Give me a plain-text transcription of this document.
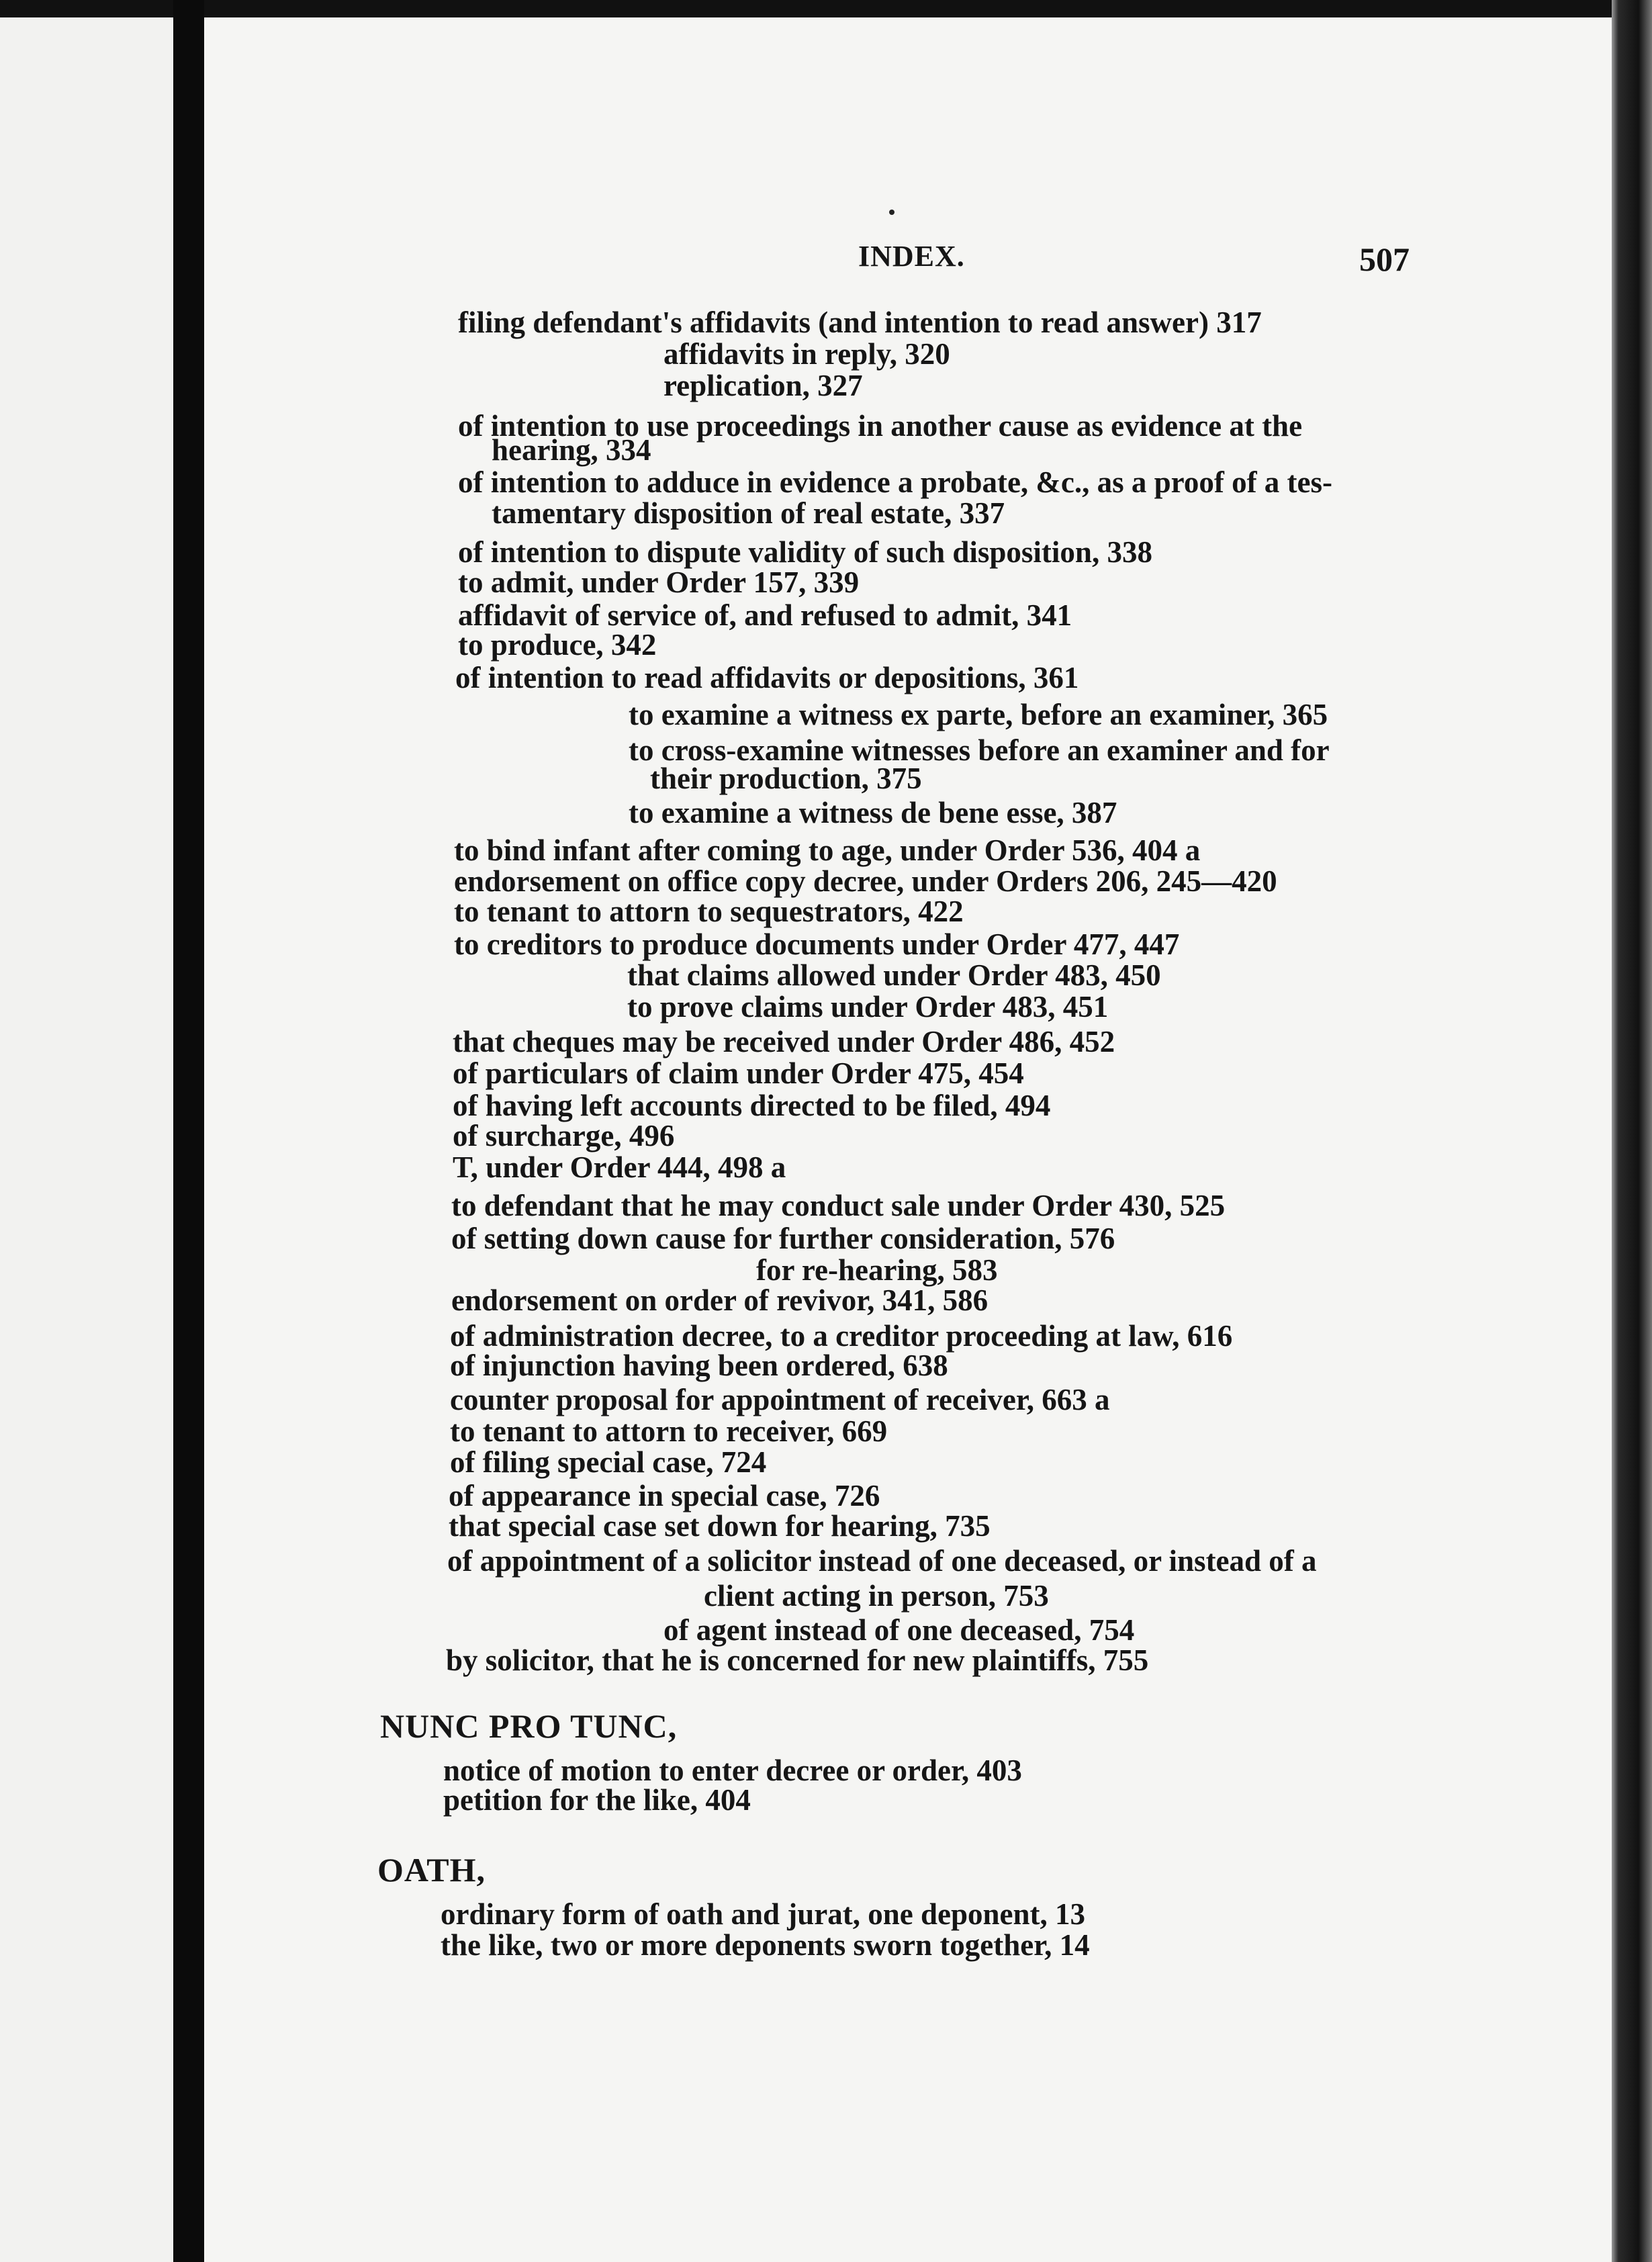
INDEX.	507
filing defendant's affidavits (and intention to read answer) 317
affidavits in reply, 320
replication, 327
of intention to use proceedings in another cause as evidence at the
hearing, 334
of intention to adduce in evidence a probate, &c., as a proof of a tes-
tamentary disposition of real estate, 337
of intention to dispute validity of such disposition, 338
to admit, under Order 157, 339
affidavit of service of, and refused to admit, 341
to produce, 342
of intention to read affidavits or depositions, 361
to examine a witness ex parte, before an examiner, 365
to cross-examine witnesses before an examiner and for
their production, 375
to examine a witness de bene esse, 387
to bind infant after coming to age, under Order 536, 404 a
endorsement on office copy decree, under Orders 206, 245—420
to tenant to attorn to sequestrators, 422
to creditors to produce documents under Order 477, 447
that claims allowed under Order 483, 450
to prove claims under Order 483, 451
that cheques may be received under Order 486, 452
of particulars of claim under Order 475, 454
of having left accounts directed to be filed, 494
of surcharge, 496
T, under Order 444, 498 a
to defendant that he may conduct sale under Order 430, 525
of setting down cause for further consideration, 576
for re-hearing, 583
endorsement on order of revivor, 341, 586
of administration decree, to a creditor proceeding at law, 616
of injunction having been ordered, 638
counter proposal for appointment of receiver, 663 a
to tenant to attorn to receiver, 669
of filing special case, 724
of appearance in special case, 726
that special case set down for hearing, 735
of appointment of a solicitor instead of one deceased, or instead of a
client acting in person, 753
of agent instead of one deceased, 754
by solicitor, that he is concerned for new plaintiffs, 755
NUNC PRO TUNC,
notice of motion to enter decree or order, 403
petition for the like, 404
OATH,
ordinary form of oath and jurat, one deponent, 13
the like, two or more deponents sworn together, 14
